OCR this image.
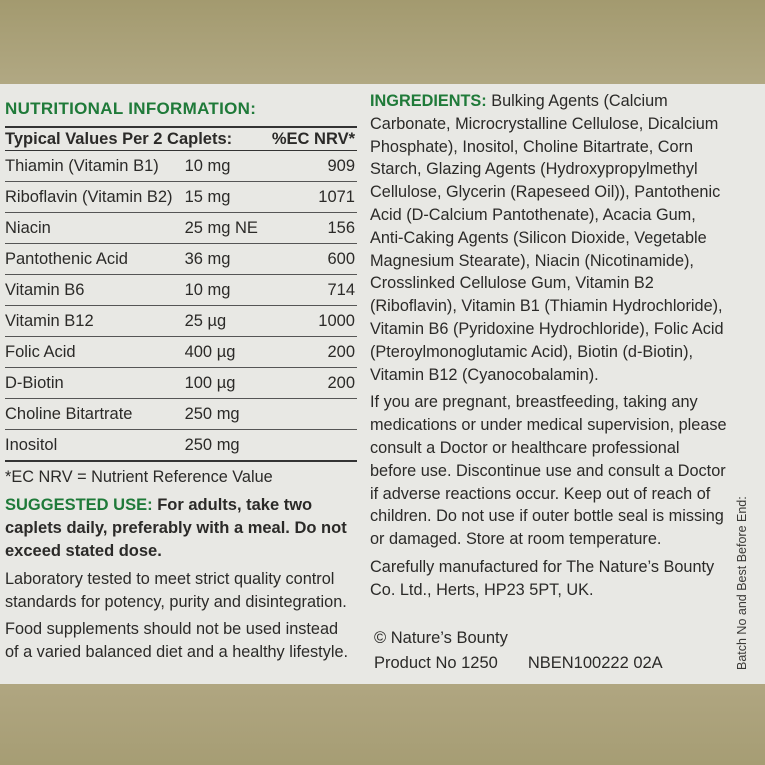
NUTRITIONAL INFORMATION:
Typical Values Per 2 Caplets:		%EC NRV*
Thiamin (Vitamin B1)	10 mg	909
Riboflavin (Vitamin B2)	15 mg	1071
Niacin	25 mg NE	156
Pantothenic Acid	36 mg	600
Vitamin B6	10 mg	714
Vitamin B12	25 µg	1000
Folic Acid	400 µg	200
D-Biotin	100 µg	200
Choline Bitartrate	250 mg	
Inositol	250 mg	
*EC NRV = Nutrient Reference Value
SUGGESTED USE: For adults, take two caplets daily, preferably with a meal. Do not exceed stated dose.
Laboratory tested to meet strict quality control standards for potency, purity and disintegration.
Food supplements should not be used instead of a varied balanced diet and a healthy lifestyle.
INGREDIENTS: Bulking Agents (Calcium Carbonate, Microcrystalline Cellulose, Dicalcium Phosphate), Inositol, Choline Bitartrate, Corn Starch, Glazing Agents (Hydroxypropylmethyl Cellulose, Glycerin (Rapeseed Oil)), Pantothenic Acid (D-Calcium Pantothenate), Acacia Gum, Anti-Caking Agents (Silicon Dioxide, Vegetable Magnesium Stearate), Niacin (Nicotinamide), Crosslinked Cellulose Gum, Vitamin B2 (Riboflavin), Vitamin B1 (Thiamin Hydrochloride), Vitamin B6 (Pyridoxine Hydrochloride), Folic Acid (Pteroylmonoglutamic Acid), Biotin (d-Biotin), Vitamin B12 (Cyanocobalamin).
If you are pregnant, breastfeeding, taking any medications or under medical supervision, please consult a Doctor or healthcare professional before use. Discontinue use and consult a Doctor if adverse reactions occur. Keep out of reach of children. Do not use if outer bottle seal is missing or damaged. Store at room temperature.
Carefully manufactured for The Nature’s Bounty Co. Ltd., Herts, HP23 5PT, UK.
© Nature’s Bounty
Product No 1250 NBEN100222 02A	Batch No and Best Before End:
